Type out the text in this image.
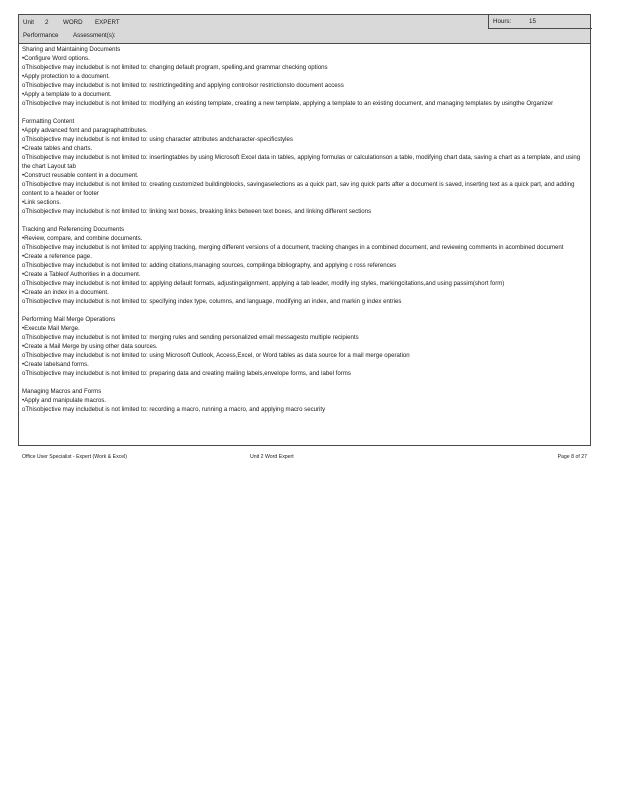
Unit 2 WORD EXPERT
Performance Assessment(s):
Hours:	15
Sharing and Maintaining Documents
•Configure Word options.
oThisobjective may includebut is not limited to: changing default program, spelling,and grammar checking options
•Apply protection to a document.
oThisobjective may includebut is not limited to: restrictingediting and applying controlsor restrictionsto document access
•Apply a template to a document.
oThisobjective may includebut is not limited to: modifying an existing template, creating a new template, applying a template to an existing document, and managing templates by usingthe Organizer
Formatting Content
•Apply advanced font and paragraphattributes.
oThisobjective may includebut is not limited to: using character attributes andcharacter-specificstyles
•Create tables and charts.
oThisobjective may includebut is not limited to: insertingtables by using Microsoft Excel data in tables, applying formulas or calculationson a table, modifying chart data, saving a chart as a template, and using the chart Layout tab
•Construct reusable content in a document.
oThisobjective may includebut is not limited to: creating customized buildingblocks, savingaselections as a quick part, sav ing quick parts after a document is saved, inserting text as a quick part, and adding content to a header or footer
•Link sections.
oThisobjective may includebut is not limited to: linking text boxes, breaking links between text boxes, and linking different sections
Tracking and Referencing Documents
•Review, compare, and combine documents.
oThisobjective may includebut is not limited to: applying tracking, merging different versions of a document, tracking changes in a combined document, and reviewing comments in acombined document
•Create a reference page.
oThisobjective may includebut is not limited to: adding citations,managing sources, compilinga bibliography, and applying c ross references
•Create a Tableof Authorities in a document.
oThisobjective may includebut is not limited to: applying default formats, adjustingalignment, applying a tab leader, modify ing styles, markingcitations,and using passim(short form)
•Create an index in a document.
oThisobjective may includebut is not limited to: specifying index type, columns, and language, modifying an index, and markin g index entries
Performing Mail Merge Operations
•Execute Mail Merge.
oThisobjective may includebut is not limited to: merging rules and sending personalized email messagesto multiple recipients
•Create a Mail Merge by using other data sources.
oThisobjective may includebut is not limited to: using Microsoft Outlook, Access,Excel, or Word tables as data source for a mail merge operation
•Create labelsand forms.
oThisobjective may includebut is not limited to: preparing data and creating mailing labels,envelope forms, and label forms
Managing Macros and Forms
•Apply and manipulate macros.
oThisobjective may includebut is not limited to: recording a macro, running a macro, and applying macro security
Office User Specialist - Expert (Work & Excel)	Unit 2 Word Expert	Page 8 of 27
